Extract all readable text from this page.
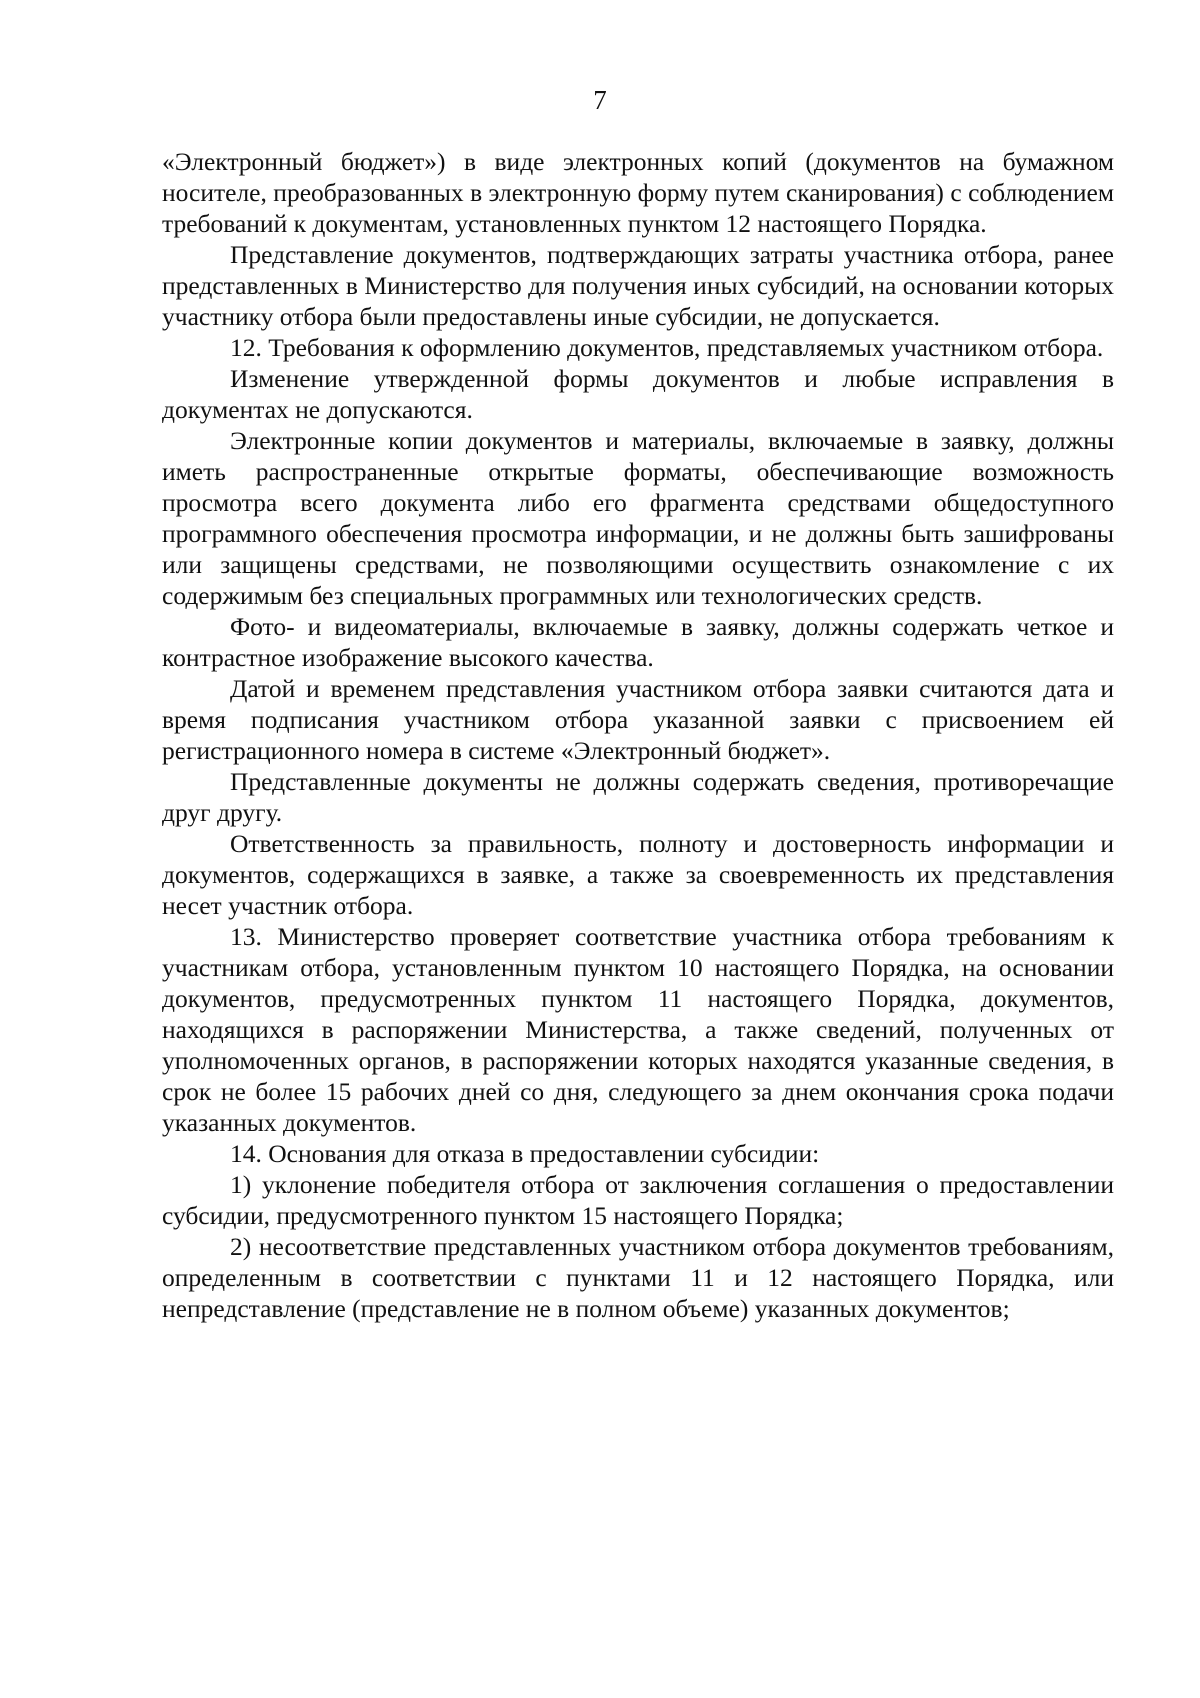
7

«Электронный бюджет») в виде электронных копий (документов на бумажном носителе, преобразованных в электронную форму путем сканирования) с соблюдением требований к документам, установленных пунктом 12 настоящего Порядка.

Представление документов, подтверждающих затраты участника отбора, ранее представленных в Министерство для получения иных субсидий, на основании которых участнику отбора были предоставлены иные субсидии, не допускается.

12. Требования к оформлению документов, представляемых участником отбора.

Изменение утвержденной формы документов и любые исправления в документах не допускаются.

Электронные копии документов и материалы, включаемые в заявку, должны иметь распространенные открытые форматы, обеспечивающие возможность просмотра всего документа либо его фрагмента средствами общедоступного программного обеспечения просмотра информации, и не должны быть зашифрованы или защищены средствами, не позволяющими осуществить ознакомление с их содержимым без специальных программных или технологических средств.

Фото- и видеоматериалы, включаемые в заявку, должны содержать четкое и контрастное изображение высокого качества.

Датой и временем представления участником отбора заявки считаются дата и время подписания участником отбора указанной заявки с присвоением ей регистрационного номера в системе «Электронный бюджет».

Представленные документы не должны содержать сведения, противоречащие друг другу.

Ответственность за правильность, полноту и достоверность информации и документов, содержащихся в заявке, а также за своевременность их представления несет участник отбора.

13. Министерство проверяет соответствие участника отбора требованиям к участникам отбора, установленным пунктом 10 настоящего Порядка, на основании документов, предусмотренных пунктом 11 настоящего Порядка, документов, находящихся в распоряжении Министерства, а также сведений, полученных от уполномоченных органов, в распоряжении которых находятся указанные сведения, в срок не более 15 рабочих дней со дня, следующего за днем окончания срока подачи указанных документов.

14. Основания для отказа в предоставлении субсидии:

1) уклонение победителя отбора от заключения соглашения о предоставлении субсидии, предусмотренного пунктом 15 настоящего Порядка;

2) несоответствие представленных участником отбора документов требованиям, определенным в соответствии с пунктами 11 и 12 настоящего Порядка, или непредставление (представление не в полном объеме) указанных документов;
